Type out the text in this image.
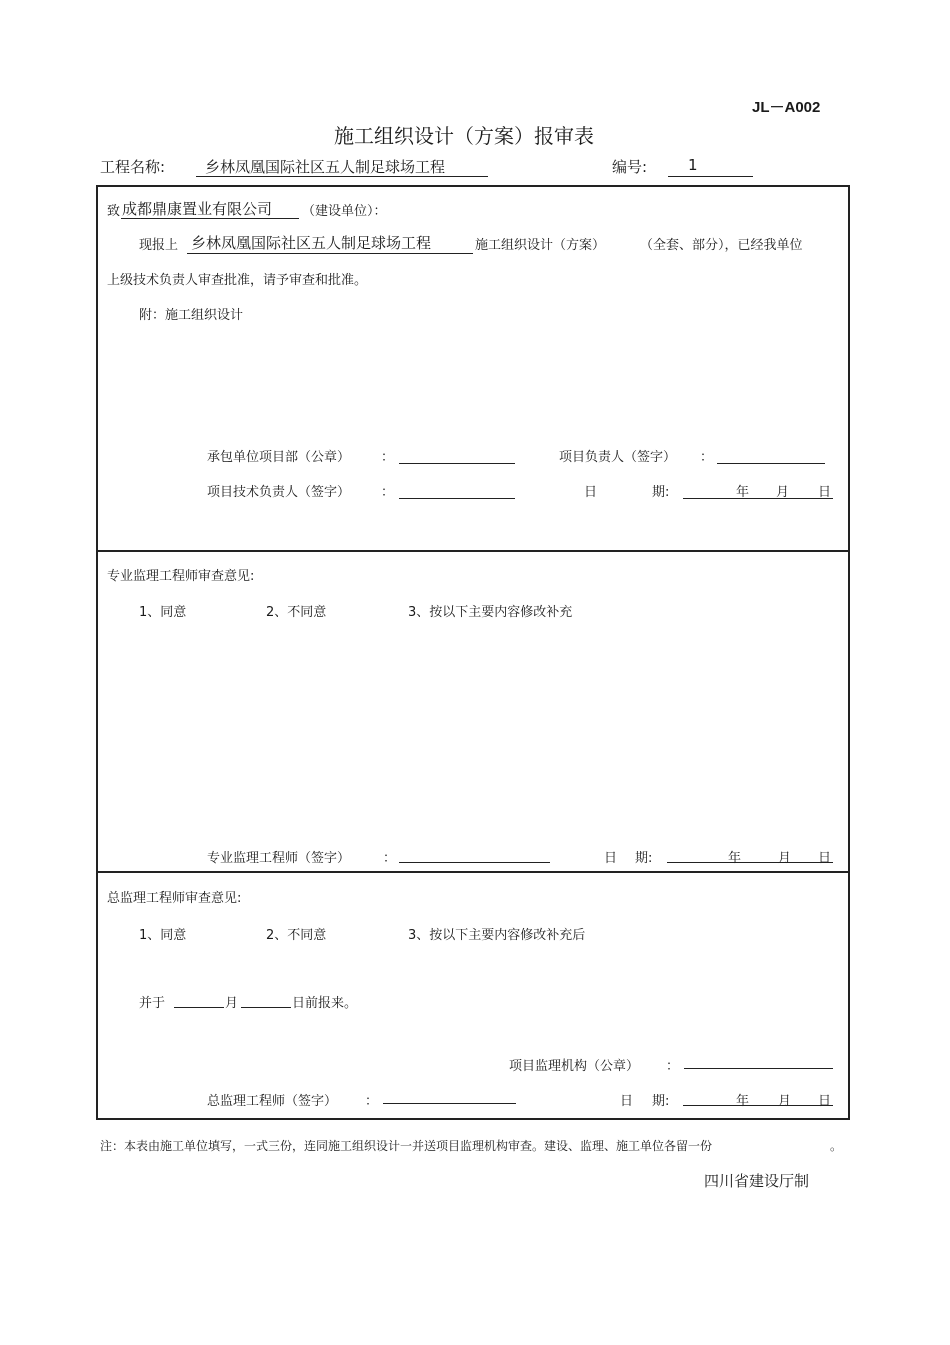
JL－A002
施工组织设计（方案）报审表
工程名称:	乡林凤凰国际社区五人制足球场工程	编号:	1
致 成都鼎康置业有限公司 （建设单位）：
现报上 乡林凤凰国际社区五人制足球场工程	施工组织设计（方案）	（全套、部分），已经我单位
上级技术负责人审查批准，请予审查和批准。
附：施工组织设计
承包单位项目部（公章） ：	项目负责人（签字） ：
项目技术负责人（签字） ：	日	期:	年 月 日
专业监理工程师审查意见:
1、同意	2、不同意	3、按以下主要内容修改补充
专业监理工程师（签字）	：	日 期:	年	月 日
总监理工程师审查意见:
1、同意	2、不同意	3、按以下主要内容修改补充后
并于	月	日前报来。
项目监理机构（公章） ：
总监理工程师（签字） ：	日 期:	年 月 日
注：本表由施工单位填写，一式三份，连同施工组织设计一并送项目监理机构审查。建设、监理、施工单位各留一份	。
四川省建设厅制
